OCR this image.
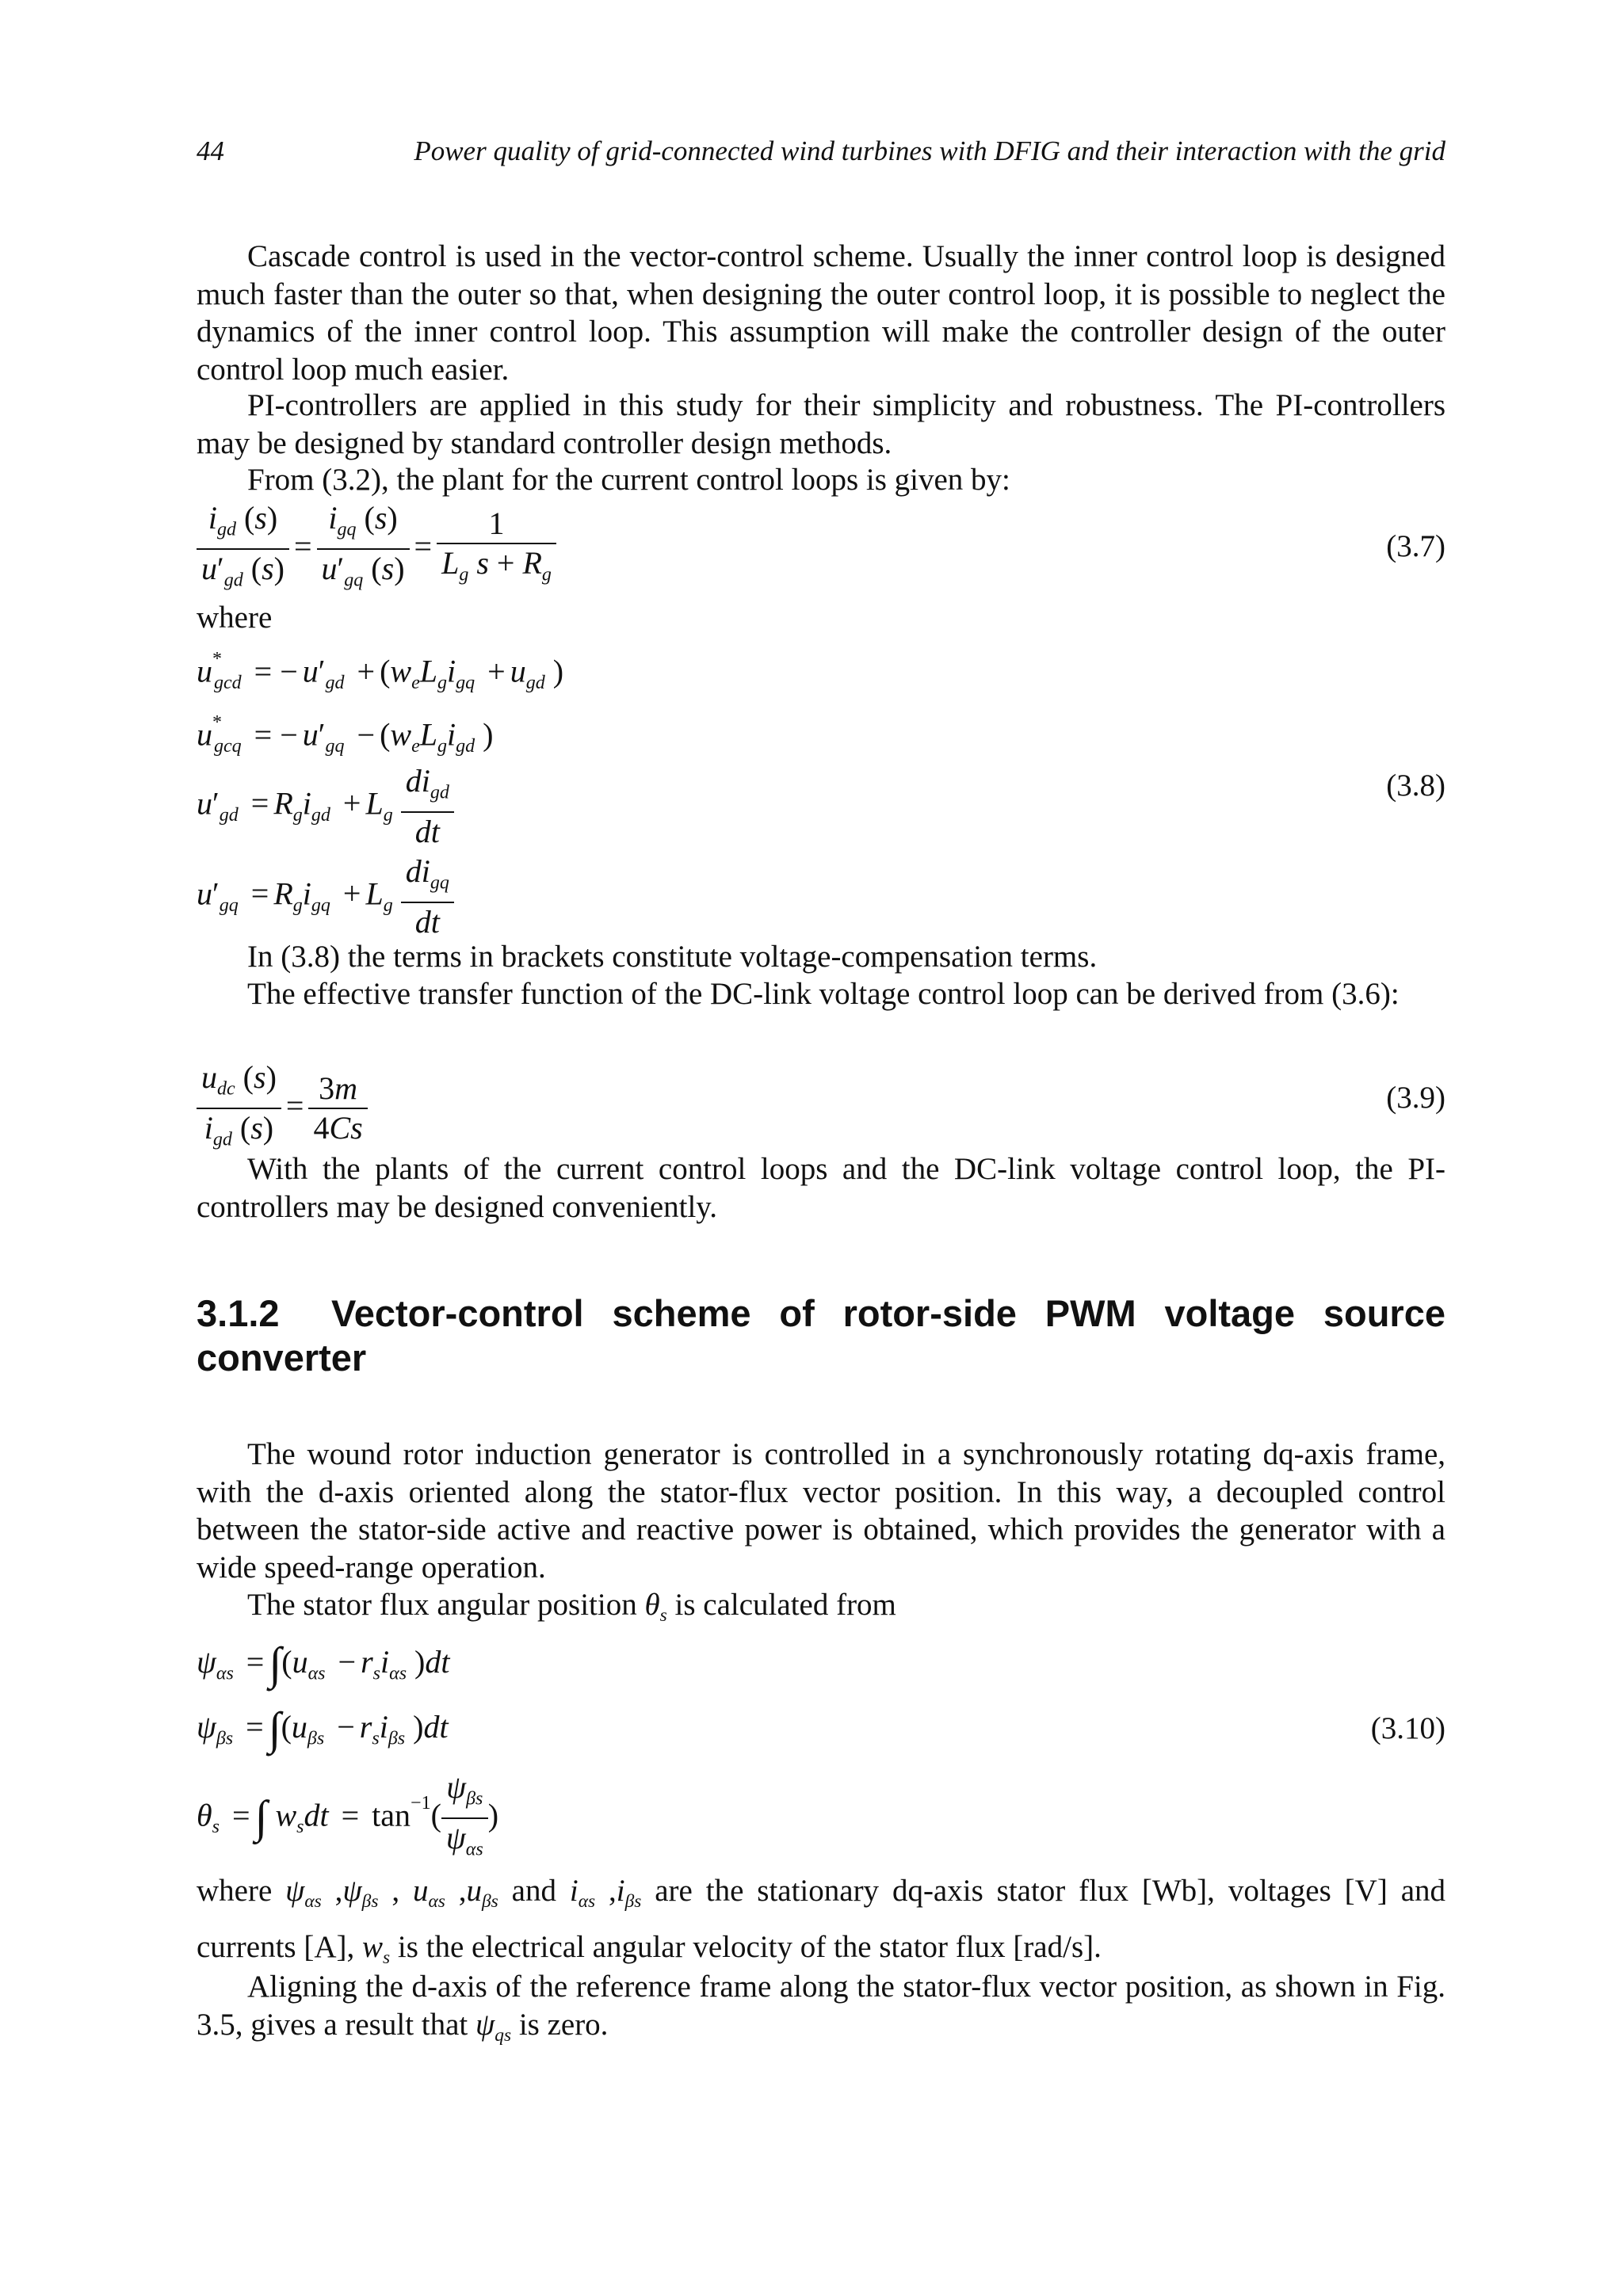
44	Power quality of grid-connected wind turbines with DFIG and their interaction with the grid

Cascade control is used in the vector-control scheme. Usually the inner control loop is designed much faster than the outer so that, when designing the outer control loop, it is possible to neglect the dynamics of the inner control loop. This assumption will make the controller design of the outer control loop much easier.

PI-controllers are applied in this study for their simplicity and robustness. The PI-controllers may be designed by standard controller design methods.

From (3.2), the plant for the current control loops is given by:

$\frac{i_{gd} (s)}{u'_{gd} (s)} = \frac{i_{gq} (s)}{u'_{gq} (s)} = \frac{1}{L_g s + R_g}$	(3.7)
where
$u^*_{gcd}$ = − $u'_{gd} + (w_eL_gi_{gq} + u_{gd}$ )
$u^*_{gcq}$ = − $u'_{gq} - (w_eL_gi_{gd}$ )
$u'_{gd} = R_gi_{gd} + L_g \frac{di_{gd}}{dt}$	(3.8)
$u'_{gq} = R_gi_{gq} + L_g \frac{di_{gq}}{dt}$

In (3.8) the terms in brackets constitute voltage-compensation terms.

The effective transfer function of the DC-link voltage control loop can be derived from (3.6):

$\frac{u_{dc} (s)}{i_{gd} (s)} = \frac{3m}{4Cs}$	(3.9)

With the plants of the current control loops and the DC-link voltage control loop, the PI-controllers may be designed conveniently.

3.1.2 Vector-control scheme of rotor-side PWM voltage source converter

The wound rotor induction generator is controlled in a synchronously rotating dq-axis frame, with the d-axis oriented along the stator-flux vector position. In this way, a decoupled control between the stator-side active and reactive power is obtained, which provides the generator with a wide speed-range operation.

The stator flux angular position $\theta_s$ is calculated from
$\psi_{\alpha s} = \int(u_{\alpha s} - r_si_{\alpha s}$ )dt
$\psi_{\beta s} = \int(u_{\beta s} - r_si_{\beta s}$ )dt	(3.10)
$\theta_s$ = ∫ $w_sdt = \tan^{-1}( \frac{\psi_{\beta s}}{\psi_{\alpha s}}$ )

where $\psi_{\alpha s}$ $,\psi_{\beta s}$ , $u_{\alpha s}$ $,u_{\beta s}$ and $i_{\alpha s}$ $,i_{\beta s}$ are the stationary dq-axis stator flux [Wb], voltages [V] and currents [A], $w_s$ is the electrical angular velocity of the stator flux [rad/s].

Aligning the d-axis of the reference frame along the stator-flux vector position, as shown in Fig. 3.5, gives a result that $\psi_{qs}$ is zero.
